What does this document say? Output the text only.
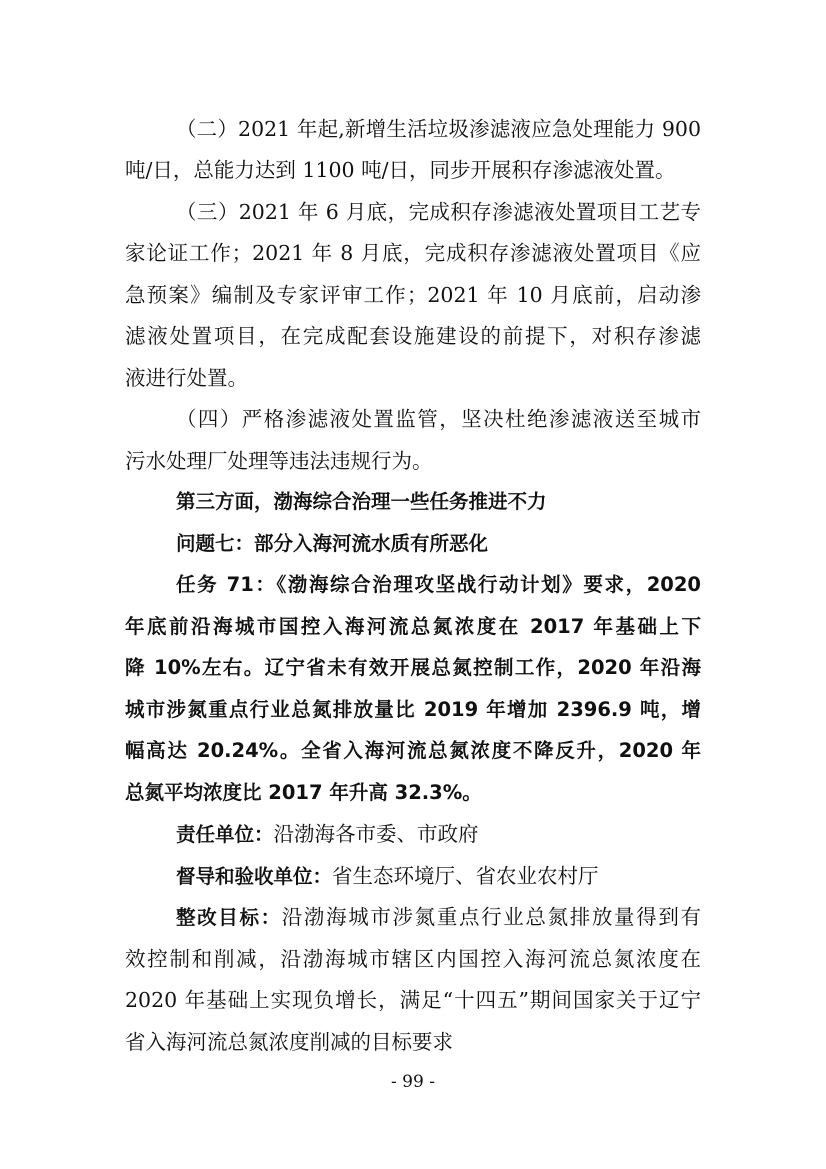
（二）2021 年起,新增生活垃圾渗滤液应急处理能力 900
吨/日，总能力达到 1100 吨/日，同步开展积存渗滤液处置。
（三）2021 年 6 月底，完成积存渗滤液处置项目工艺专
家论证工作；2021 年 8 月底，完成积存渗滤液处置项目《应
急预案》编制及专家评审工作；2021 年 10 月底前，启动渗
滤液处置项目，在完成配套设施建设的前提下，对积存渗滤
液进行处置。
（四）严格渗滤液处置监管，坚决杜绝渗滤液送至城市
污水处理厂处理等违法违规行为。
第三方面，渤海综合治理一些任务推进不力
问题七：部分入海河流水质有所恶化
任务 71：《渤海综合治理攻坚战行动计划》要求，2020
年底前沿海城市国控入海河流总氮浓度在 2017 年基础上下
降 10%左右。辽宁省未有效开展总氮控制工作，2020 年沿海
城市涉氮重点行业总氮排放量比 2019 年增加 2396.9 吨，增
幅高达 20.24%。全省入海河流总氮浓度不降反升，2020 年
总氮平均浓度比 2017 年升高 32.3%。
责任单位：沿渤海各市委、市政府
督导和验收单位：省生态环境厅、省农业农村厅
整改目标：沿渤海城市涉氮重点行业总氮排放量得到有
效控制和削减，沿渤海城市辖区内国控入海河流总氮浓度在
2020 年基础上实现负增长，满足“十四五”期间国家关于辽宁
省入海河流总氮浓度削减的目标要求
- 99 -
